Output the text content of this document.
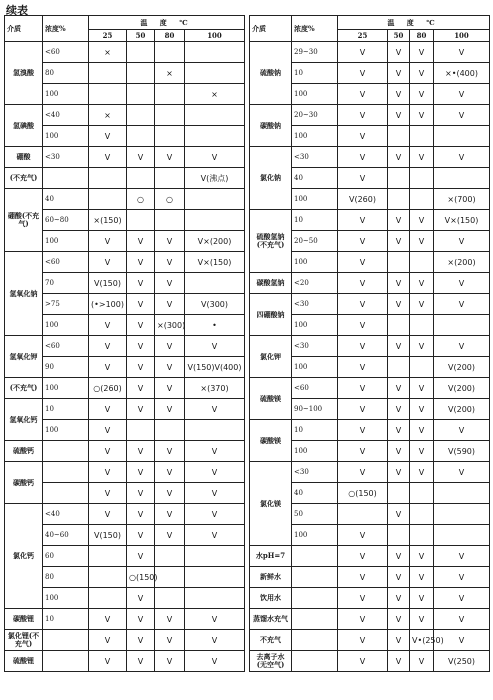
续表
介质	浓度%	温 度 ℃			
		25	50	80	100
氢溴酸	<60	×			
	80			×	
	100				×
氢碘酸	<40	×			
	100	V			
硼酸	<30	V	V	V	V
(不充气)					V(沸点)
硼酸(不充气)	40		○	○	
	60~80	×(150)			
	100	V	V	V	V×(200)
氢氧化钠	<60	V	V	V	V×(150)
	70	V(150)	V	V	
	>75	(•>100)	V	V	V(300)
	100	V	V	×(300)	•
氢氧化钾	<60	V	V	V	V
	90	V	V	V	V(150)V(400)
(不充气)	100	○(260)	V	V	×(370)
氢氧化钙	10	V	V	V	V
	100	V			
硫酸钙		V	V	V	V
碳酸钙		V	V	V	V
		V	V	V	V
氯化钙	<40	V	V	V	V
	40~60	V(150)	V	V	V
	60		V		
	80		○(150)		
	100		V		
碳酸锂	10	V	V	V	V
氯化锂(不充气)		V	V	V	V
硫酸锂		V	V	V	V
介质	浓度%	温 度 ℃			
		25	50	80	100
硫酸钠	29~30	V	V	V	V
	10	V	V	V	×•(400)
	100	V	V	V	V
碳酸钠	20~30	V	V	V	V
	100	V			
氯化钠	<30	V	V	V	V
	40	V			
	100	V(260)			×(700)
硫酸氢钠(不充气)	10	V	V	V	V×(150)
	20~50	V	V	V	V
	100	V			×(200)
碳酸氢钠	<20	V	V	V	V
四硼酸钠	<30	V	V	V	V
	100	V			
氯化钾	<30	V	V	V	V
	100	V			V(200)
硫酸镁	<60	V	V	V	V(200)
	90~100	V	V	V	V(200)
碳酸镁	10	V	V	V	V
	100	V	V	V	V(590)
氯化镁	<30	V	V	V	V
	40	○(150)			
	50		V		
	100	V			
水pH=7		V	V	V	V
新鲜水		V	V	V	V
饮用水		V	V	V	V
蒸馏水充气		V	V	V	V
不充气		V	V	V•(250)	V
去离子水(无空气)		V	V	V	V(250)
